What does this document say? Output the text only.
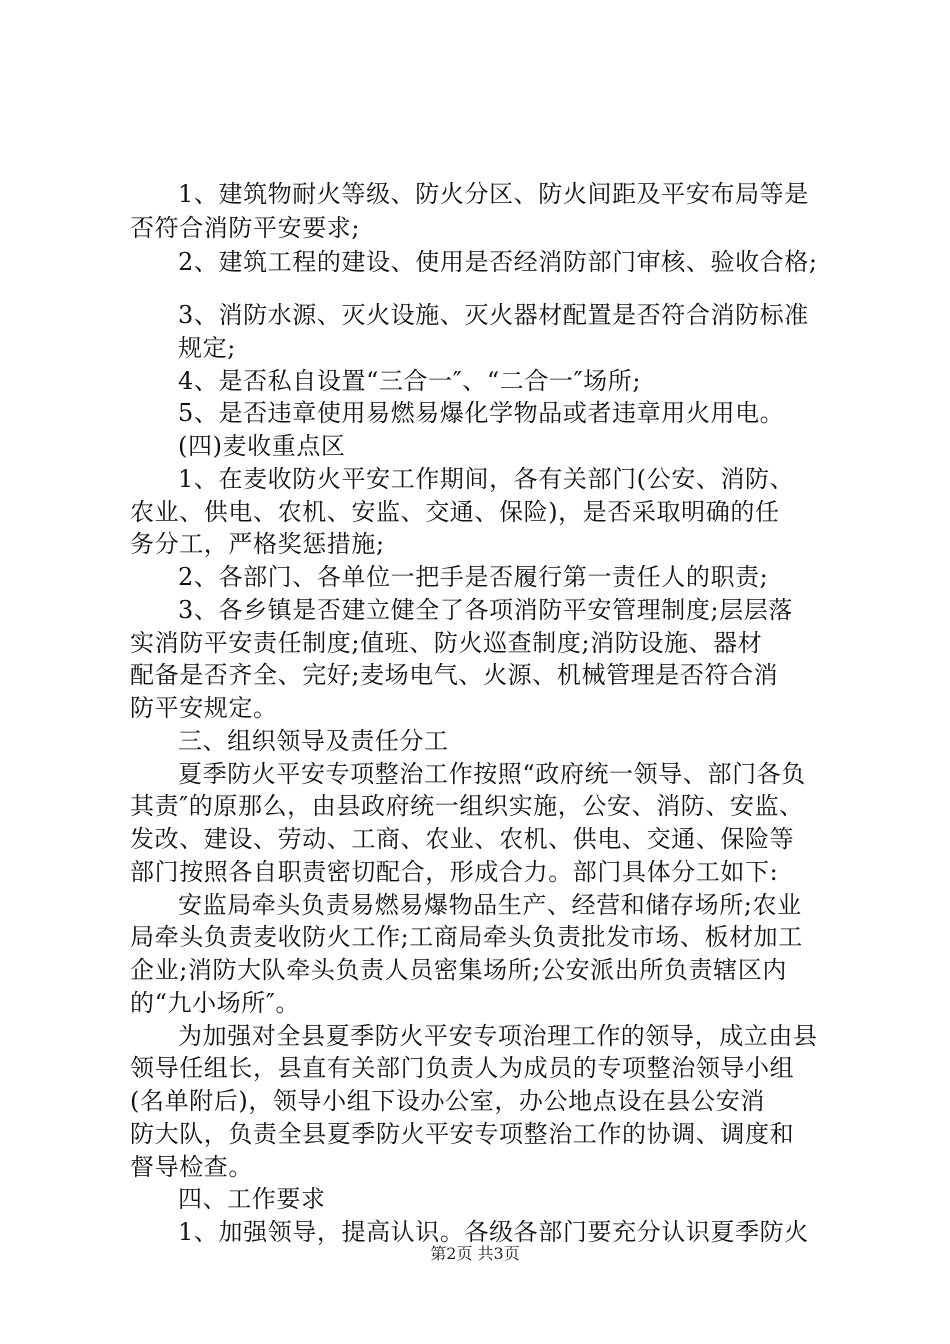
1、建筑物耐火等级、防火分区、防火间距及平安布局等是
否符合消防平安要求;
2、建筑工程的建设、使用是否经消防部门审核、验收合格;
3、消防水源、灭火设施、灭火器材配置是否符合消防标准
规定;
4、是否私自设置“三合一″、“二合一″场所;
5、是否违章使用易燃易爆化学物品或者违章用火用电。
(四)麦收重点区
1、在麦收防火平安工作期间，各有关部门(公安、消防、
农业、供电、农机、安监、交通、保险)，是否采取明确的任
务分工，严格奖惩措施;
2、各部门、各单位一把手是否履行第一责任人的职责;
3、各乡镇是否建立健全了各项消防平安管理制度;层层落
实消防平安责任制度;值班、防火巡查制度;消防设施、器材
配备是否齐全、完好;麦场电气、火源、机械管理是否符合消
防平安规定。
三、组织领导及责任分工
夏季防火平安专项整治工作按照“政府统一领导、部门各负
其责″的原那么，由县政府统一组织实施，公安、消防、安监、
发改、建设、劳动、工商、农业、农机、供电、交通、保险等
部门按照各自职责密切配合，形成合力。部门具体分工如下:
安监局牵头负责易燃易爆物品生产、经营和储存场所;农业
局牵头负责麦收防火工作;工商局牵头负责批发市场、板材加工
企业;消防大队牵头负责人员密集场所;公安派出所负责辖区内
的“九小场所″。
为加强对全县夏季防火平安专项治理工作的领导，成立由县
领导任组长，县直有关部门负责人为成员的专项整治领导小组
(名单附后)，领导小组下设办公室，办公地点设在县公安消
防大队，负责全县夏季防火平安专项整治工作的协调、调度和
督导检查。
四、工作要求
1、加强领导，提高认识。各级各部门要充分认识夏季防火
第2页 共3页
